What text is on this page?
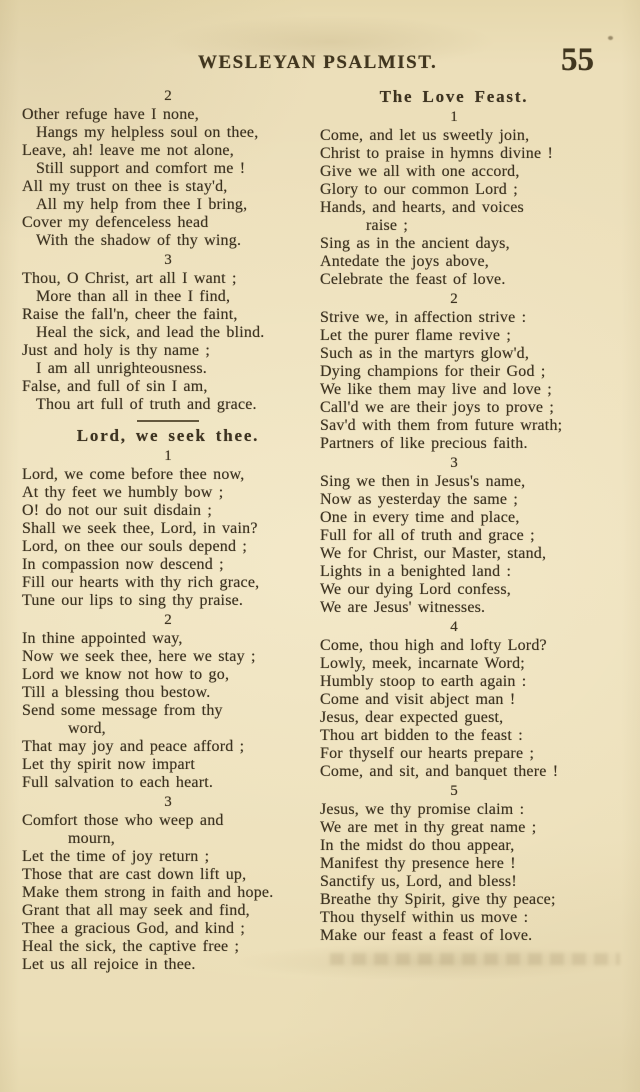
WESLEYAN PSALMIST.	55
2
Other refuge have I none,
Hangs my helpless soul on thee,
Leave, ah! leave me not alone,
Still support and comfort me !
All my trust on thee is stay'd,
All my help from thee I bring,
Cover my defenceless head
With the shadow of thy wing.
3
Thou, O Christ, art all I want ;
More than all in thee I find,
Raise the fall'n, cheer the faint,
Heal the sick, and lead the blind.
Just and holy is thy name ;
I am all unrighteousness.
False, and full of sin I am,
Thou art full of truth and grace.
Lord, we seek thee.
1
Lord, we come before thee now,
At thy feet we humbly bow ;
O! do not our suit disdain ;
Shall we seek thee, Lord, in vain?
Lord, on thee our souls depend ;
In compassion now descend ;
Fill our hearts with thy rich grace,
Tune our lips to sing thy praise.
2
In thine appointed way,
Now we seek thee, here we stay ;
Lord we know not how to go,
Till a blessing thou bestow.
Send some message from thy
word,
That may joy and peace afford ;
Let thy spirit now impart
Full salvation to each heart.
3
Comfort those who weep and
mourn,
Let the time of joy return ;
Those that are cast down lift up,
Make them strong in faith and hope.
Grant that all may seek and find,
Thee a gracious God, and kind ;
Heal the sick, the captive free ;
Let us all rejoice in thee.
The Love Feast.
1
Come, and let us sweetly join,
Christ to praise in hymns divine !
Give we all with one accord,
Glory to our common Lord ;
Hands, and hearts, and voices
raise ;
Sing as in the ancient days,
Antedate the joys above,
Celebrate the feast of love.
2
Strive we, in affection strive :
Let the purer flame revive ;
Such as in the martyrs glow'd,
Dying champions for their God ;
We like them may live and love ;
Call'd we are their joys to prove ;
Sav'd with them from future wrath;
Partners of like precious faith.
3
Sing we then in Jesus's name,
Now as yesterday the same ;
One in every time and place,
Full for all of truth and grace ;
We for Christ, our Master, stand,
Lights in a benighted land :
We our dying Lord confess,
We are Jesus' witnesses.
4
Come, thou high and lofty Lord?
Lowly, meek, incarnate Word;
Humbly stoop to earth again :
Come and visit abject man !
Jesus, dear expected guest,
Thou art bidden to the feast :
For thyself our hearts prepare ;
Come, and sit, and banquet there !
5
Jesus, we thy promise claim :
We are met in thy great name ;
In the midst do thou appear,
Manifest thy presence here !
Sanctify us, Lord, and bless!
Breathe thy Spirit, give thy peace;
Thou thyself within us move :
Make our feast a feast of love.
